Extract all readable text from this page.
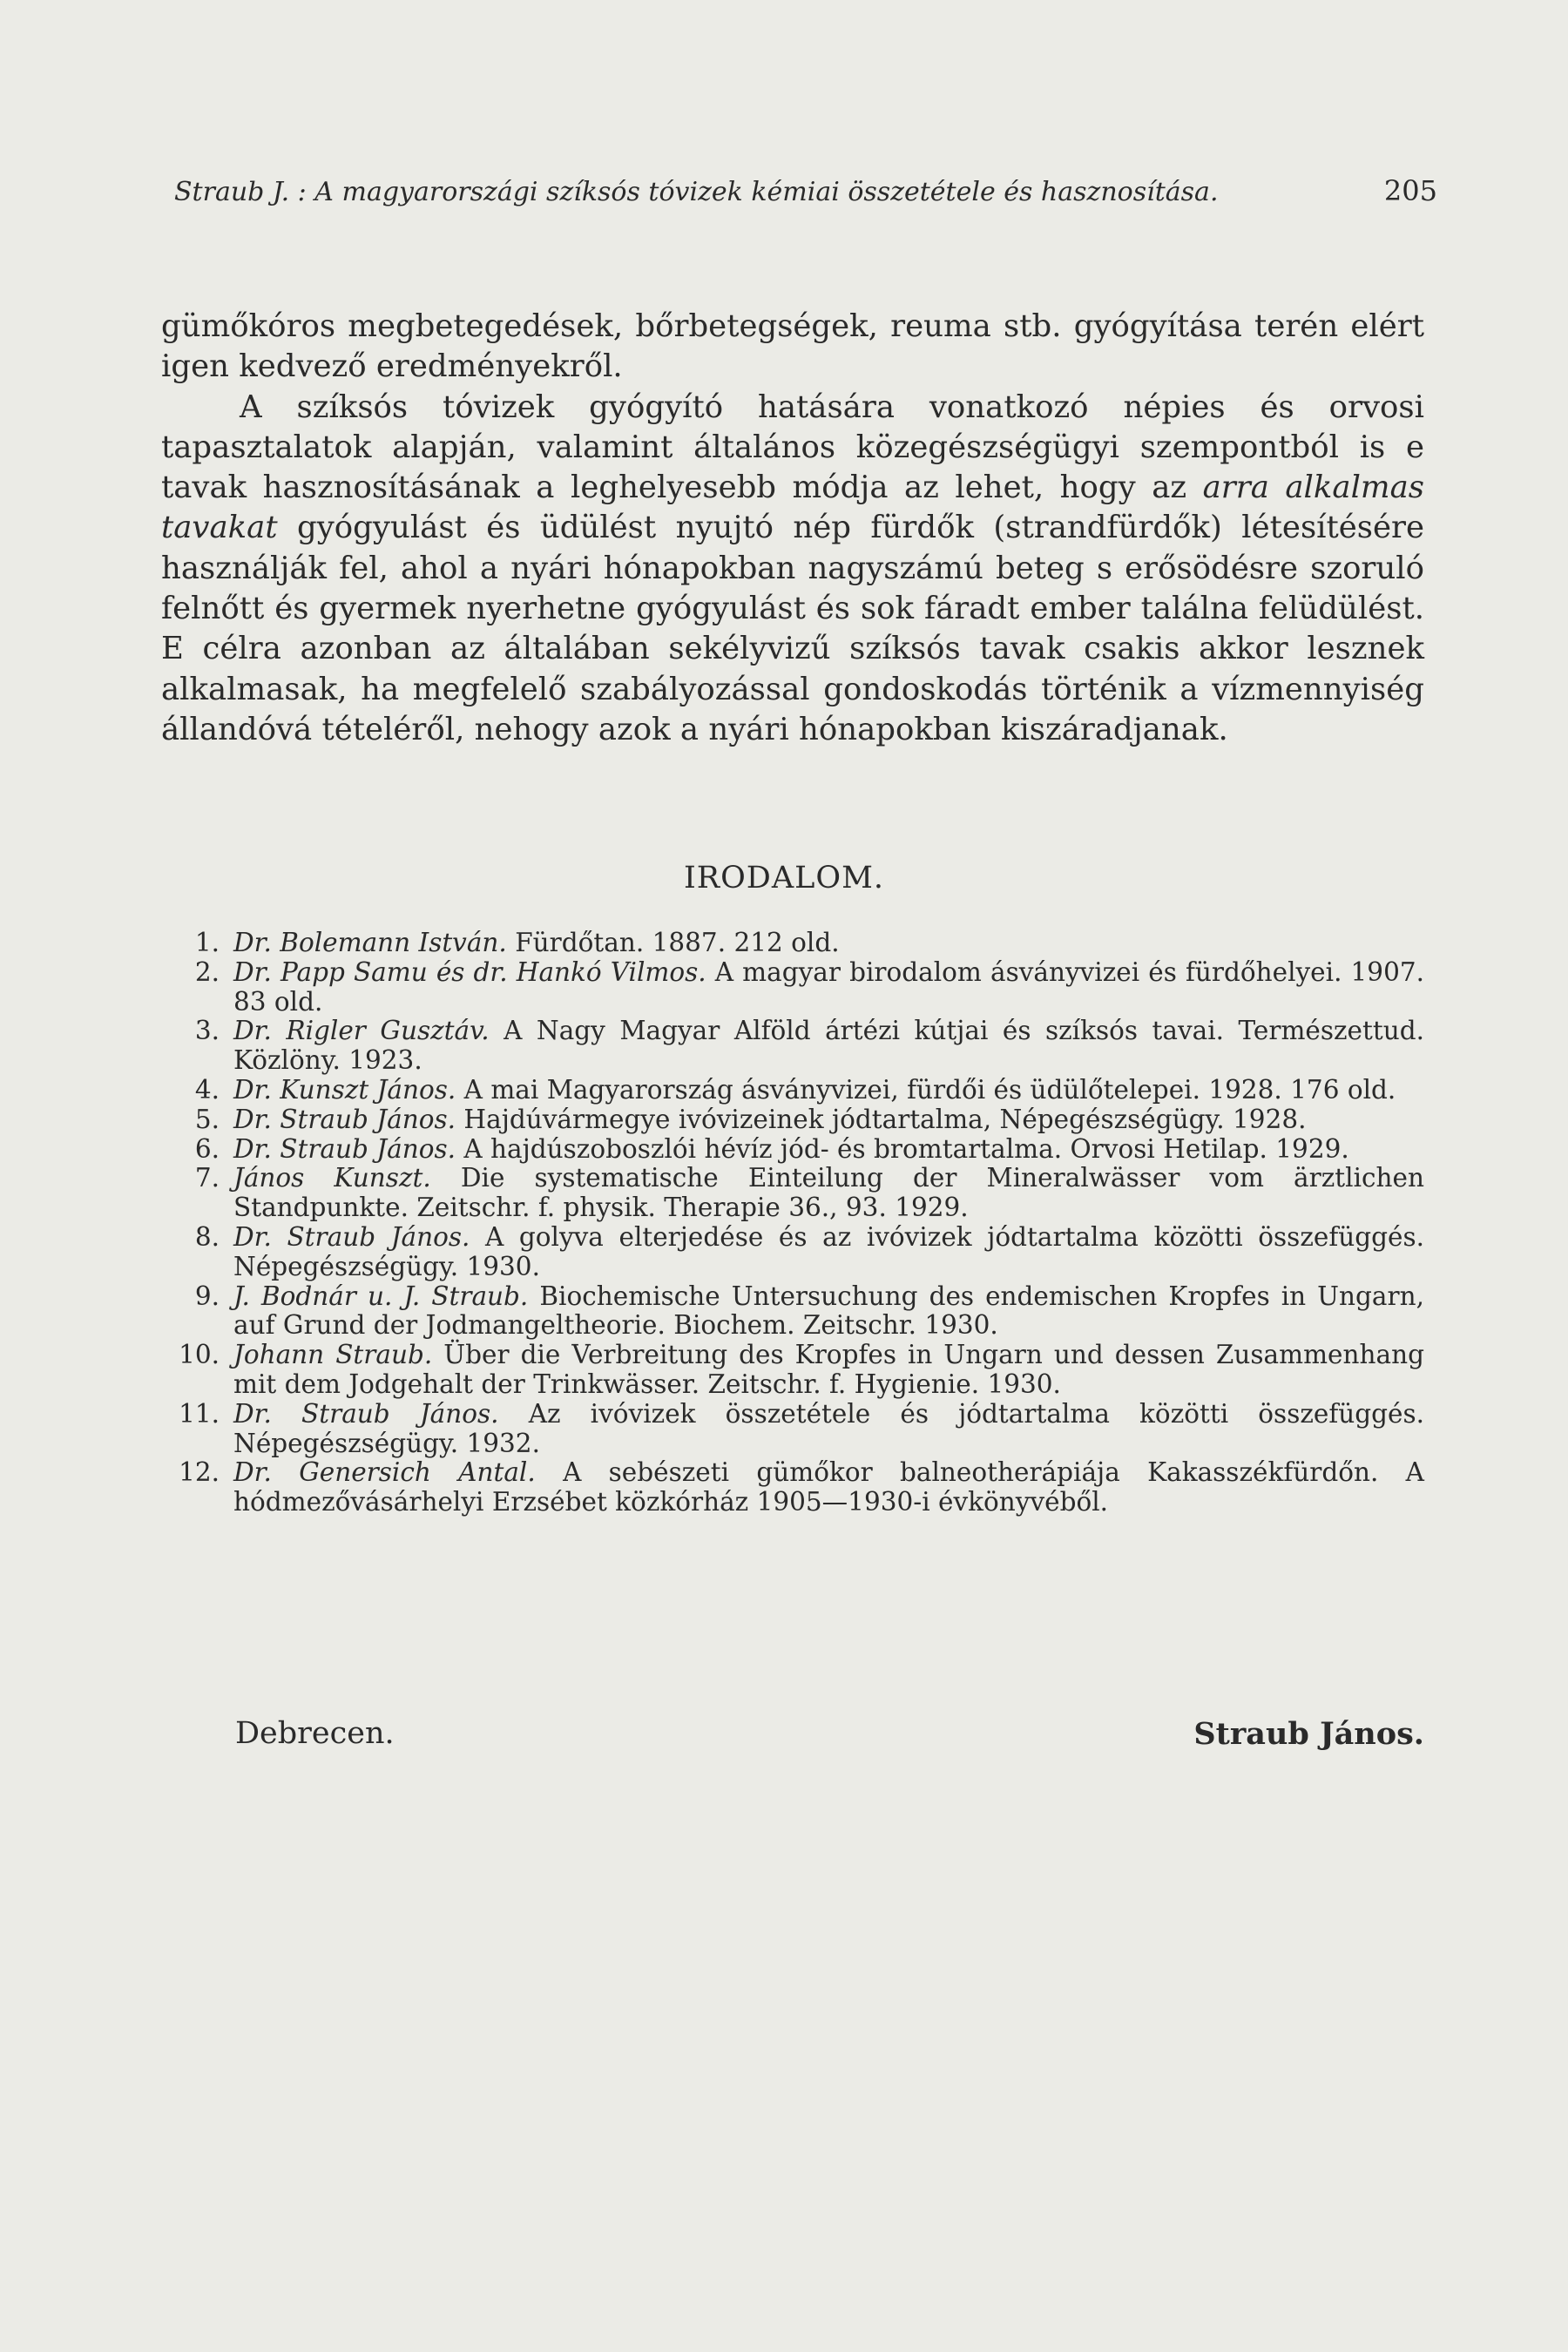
Straub J. : A magyarországi szíksós tóvizek kémiai összetétele és hasznosítása.	205

gümőkóros megbetegedések, bőrbetegségek, reuma stb. gyógyítása terén elért igen kedvező eredményekről.

A szíksós tóvizek gyógyító hatására vonatkozó népies és orvosi tapasztalatok alapján, valamint általános közegészségügyi szempontból is e tavak hasznosításának a leghelyesebb módja az lehet, hogy az arra alkalmas tavakat gyógyulást és üdülést nyujtó nép fürdők (strandfürdők) létesítésére használják fel, ahol a nyári hónapokban nagyszámú beteg s erősödésre szoruló felnőtt és gyermek nyerhetne gyógyulást és sok fáradt ember találna felüdülést. E célra azonban az általában sekélyvizű szíksós tavak csakis akkor lesznek alkalmasak, ha megfelelő szabályozással gondoskodás történik a vízmennyiség állandóvá tételéről, nehogy azok a nyári hónapokban kiszáradjanak.

IRODALOM.
1. Dr. Bolemann István. Fürdőtan. 1887. 212 old.
2. Dr. Papp Samu és dr. Hankó Vilmos. A magyar birodalom ásványvizei és fürdőhelyei. 1907. 83 old.
3. Dr. Rigler Gusztáv. A Nagy Magyar Alföld ártézi kútjai és szíksós tavai. Természettud. Közlöny. 1923.
4. Dr. Kunszt János. A mai Magyarország ásványvizei, fürdői és üdülőtelepei. 1928. 176 old.
5. Dr. Straub János. Hajdúvármegye ivóvizeinek jódtartalma, Népegészségügy. 1928.
6. Dr. Straub János. A hajdúszoboszlói hévíz jód- és bromtartalma. Orvosi Hetilap. 1929.
7. János Kunszt. Die systematische Einteilung der Mineralwässer vom ärztlichen Standpunkte. Zeitschr. f. physik. Therapie 36., 93. 1929.
8. Dr. Straub János. A golyva elterjedése és az ivóvizek jódtartalma közötti összefüggés. Népegészségügy. 1930.
9. J. Bodnár u. J. Straub. Biochemische Untersuchung des endemischen Kropfes in Ungarn, auf Grund der Jodmangeltheorie. Biochem. Zeitschr. 1930.
10. Johann Straub. Über die Verbreitung des Kropfes in Ungarn und dessen Zusammenhang mit dem Jodgehalt der Trinkwässer. Zeitschr. f. Hygienie. 1930.
11. Dr. Straub János. Az ivóvizek összetétele és jódtartalma közötti összefüggés. Népegészségügy. 1932.
12. Dr. Genersich Antal. A sebészeti gümőkor balneotherápiája Kakasszékfürdőn. A hódmezővásárhelyi Erzsébet közkórház 1905—1930-i évkönyvéből.
Debrecen.	Straub János.
